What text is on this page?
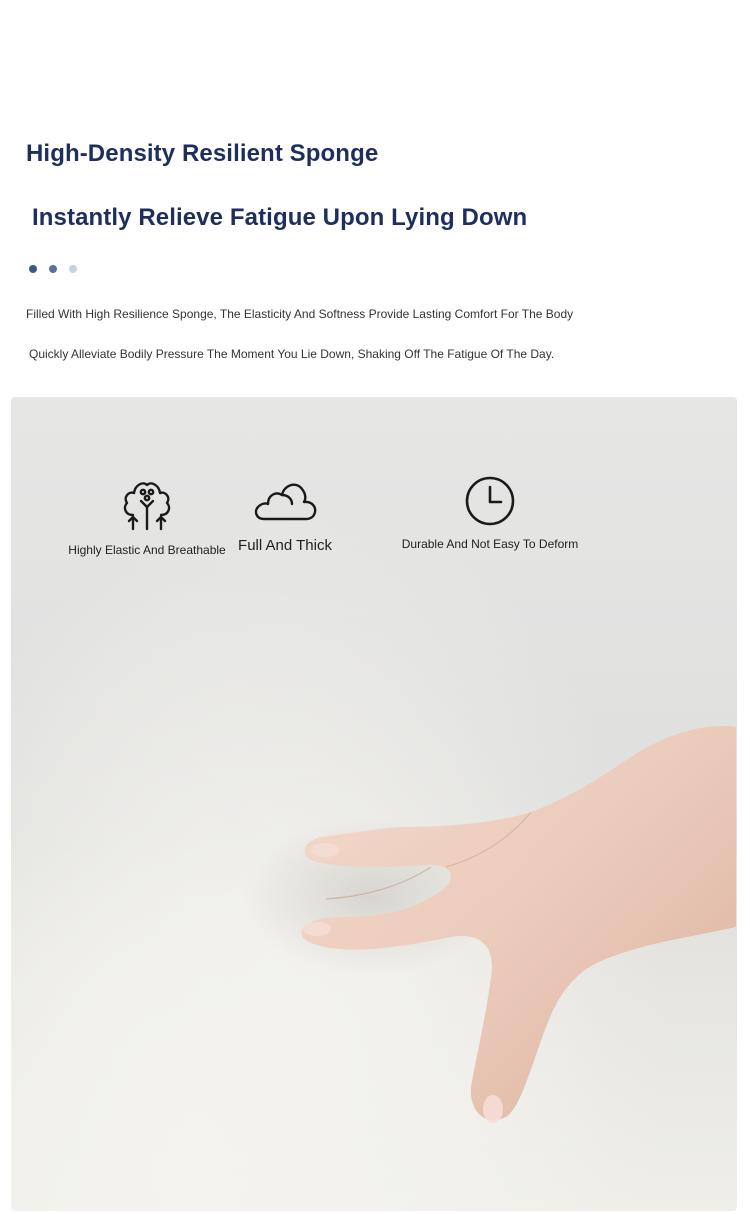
High-Density Resilient Sponge
Instantly Relieve Fatigue Upon Lying Down

Filled With High Resilience Sponge, The Elasticity And Softness Provide Lasting Comfort For The Body

Quickly Alleviate Bodily Pressure The Moment You Lie Down, Shaking Off The Fatigue Of The Day.

Highly Elastic And Breathable Full And Thick	Durable And Not Easy To Deform
